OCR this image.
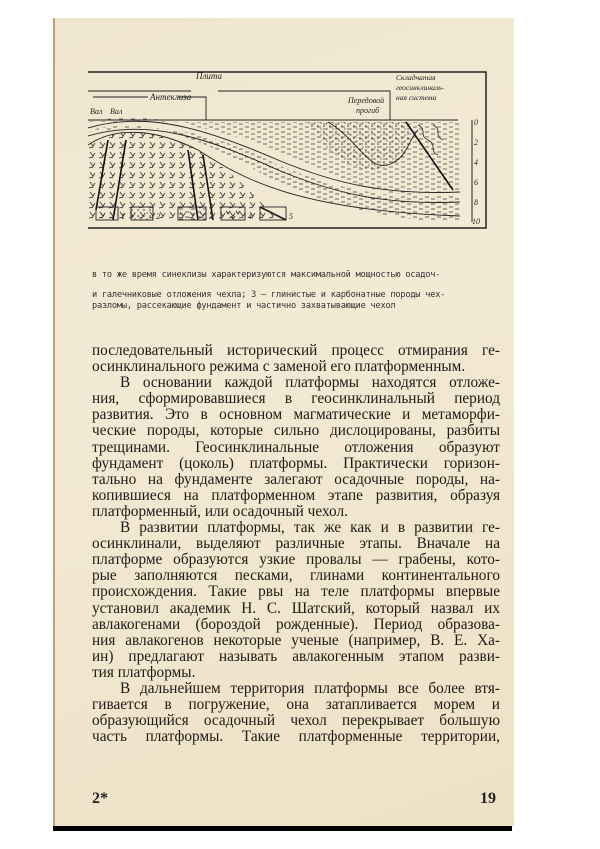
Плита
Антеклиза
Вал Вал
Передовой
прогиб
Складчатая
геосинклиналь-
ная система
0
2
4
6
8
10
1	2	3	4	5
в то же время синеклизы характеризуются максимальной мощностью осадоч-
и галечниковые отложения чехла; 3 — глинистые и карбонатные породы чех-
разломы, рассекающие фундамент и частично захватывающие чехол
последовательный исторический процесс отмирания ге-
осинклинального режима с заменой его платформенным.
В основании каждой платформы находятся отложе-
ния, сформировавшиеся в геосинклинальный период
развития. Это в основном магматические и метаморфи-
ческие породы, которые сильно дислоцированы, разбиты
трещинами. Геосинклинальные отложения образуют
фундамент (цоколь) платформы. Практически горизон-
тально на фундаменте залегают осадочные породы, на-
копившиеся на платформенном этапе развития, образуя
платформенный, или осадочный чехол.
В развитии платформы, так же как и в развитии ге-
осинклинали, выделяют различные этапы. Вначале на
платформе образуются узкие провалы — грабены, кото-
рые заполняются песками, глинами континентального
происхождения. Такие рвы на теле платформы впервые
установил академик Н. С. Шатский, который назвал их
авлакогенами (бороздой рожденные). Период образова-
ния авлакогенов некоторые ученые (например, В. Е. Ха-
ин) предлагают называть авлакогенным этапом разви-
тия платформы.
В дальнейшем территория платформы все более втя-
гивается в погружение, она затапливается морем и
образующийся осадочный чехол перекрывает большую
часть платформы. Такие платформенные территории,
2*	19
